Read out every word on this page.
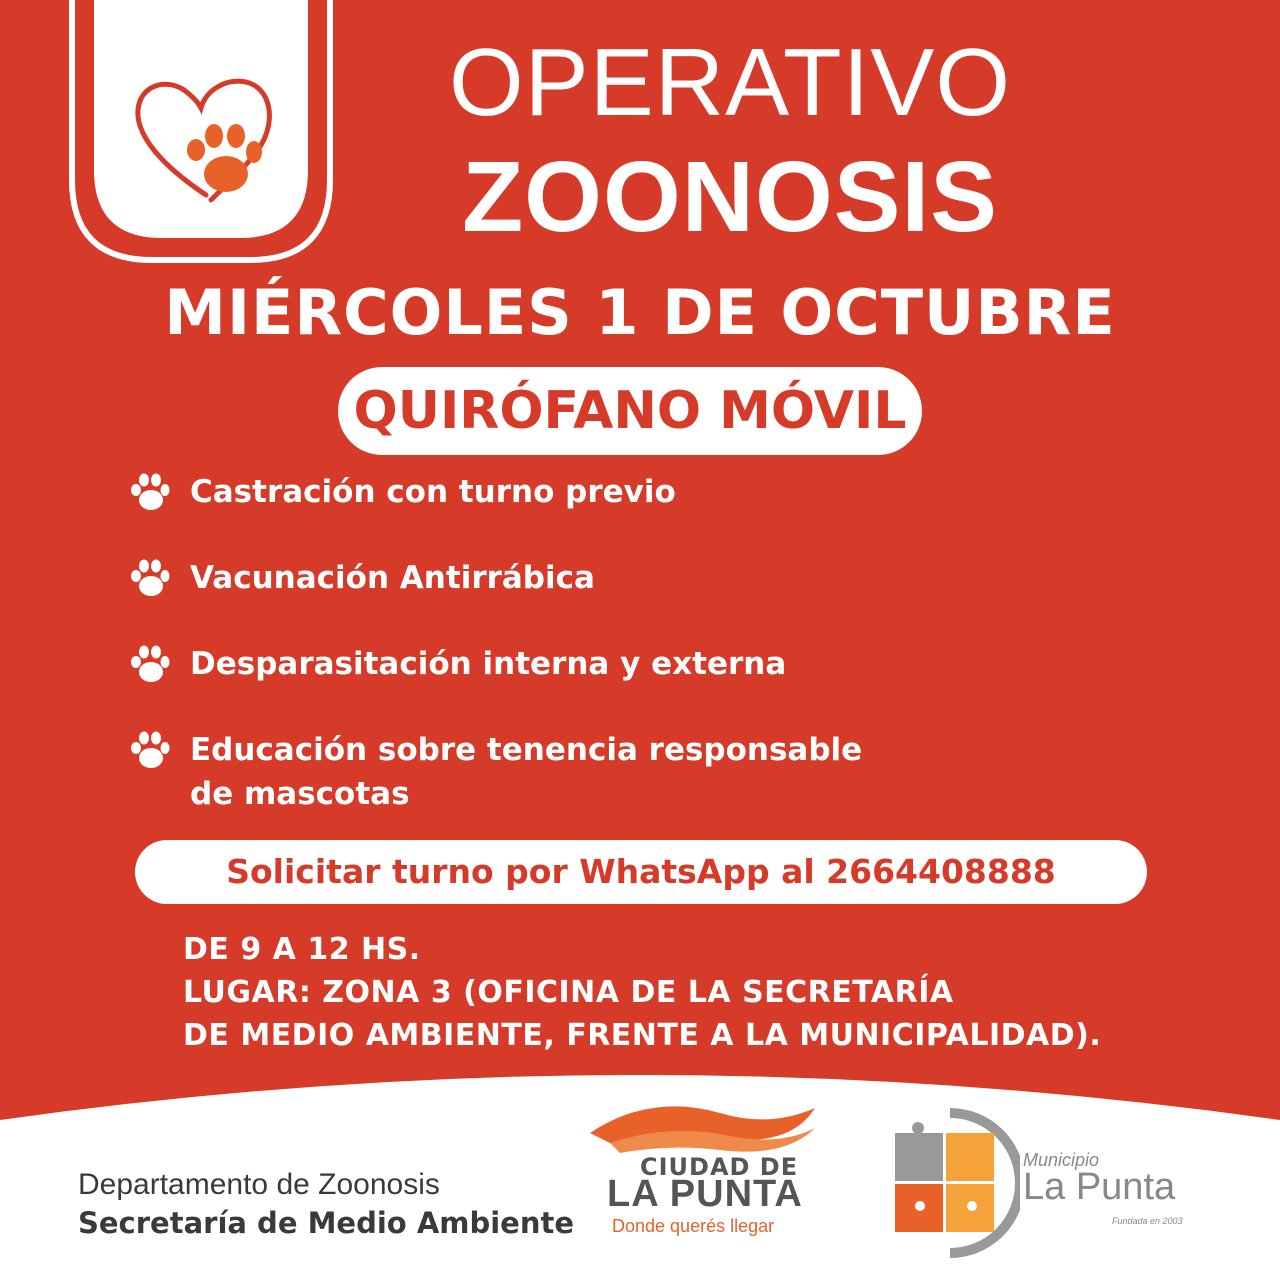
OPERATIVO
ZOONOSIS
MIÉRCOLES 1 DE OCTUBRE
QUIRÓFANO MÓVIL
Castración con turno previo
Vacunación Antirrábica
Desparasitación interna y externa
Educación sobre tenencia responsable
de mascotas
Solicitar turno por WhatsApp al 2664408888
DE 9 A 12 HS.
LUGAR: ZONA 3 (OFICINA DE LA SECRETARÍA
DE MEDIO AMBIENTE, FRENTE A LA MUNICIPALIDAD).
Departamento de Zoonosis
Secretaría de Medio Ambiente
CIUDAD DE
LA PUNTA
Donde querés llegar
Municipio
La Punta
Fundada en 2003
